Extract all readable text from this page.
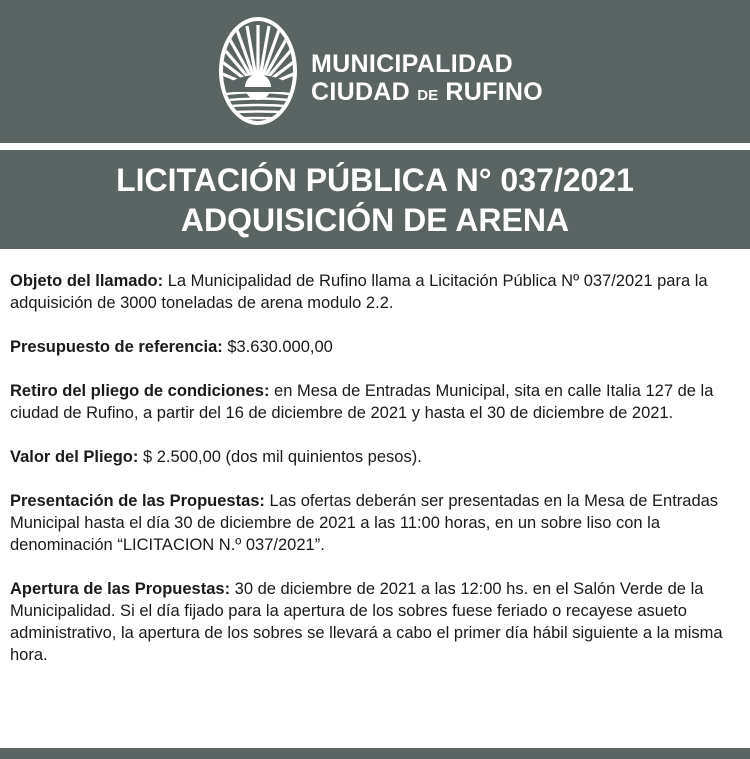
MUNICIPALIDAD
CIUDAD DE RUFINO
LICITACIÓN PÚBLICA N° 037/2021
ADQUISICIÓN DE ARENA

Objeto del llamado: La Municipalidad de Rufino llama a Licitación Pública Nº 037/2021 para la adquisición de 3000 toneladas de arena modulo 2.2.

Presupuesto de referencia: $3.630.000,00

Retiro del pliego de condiciones: en Mesa de Entradas Municipal, sita en calle Italia 127 de la ciudad de Rufino, a partir del 16 de diciembre de 2021 y hasta el 30 de diciembre de 2021.

Valor del Pliego: $ 2.500,00 (dos mil quinientos pesos).

Presentación de las Propuestas: Las ofertas deberán ser presentadas en la Mesa de Entradas Municipal hasta el día 30 de diciembre de 2021 a las 11:00 horas, en un sobre liso con la denominación “LICITACION N.º 037/2021”.

Apertura de las Propuestas: 30 de diciembre de 2021 a las 12:00 hs. en el Salón Verde de la Municipalidad. Si el día fijado para la apertura de los sobres fuese feriado o recayese asueto administrativo, la apertura de los sobres se llevará a cabo el primer día hábil siguiente a la misma hora.
